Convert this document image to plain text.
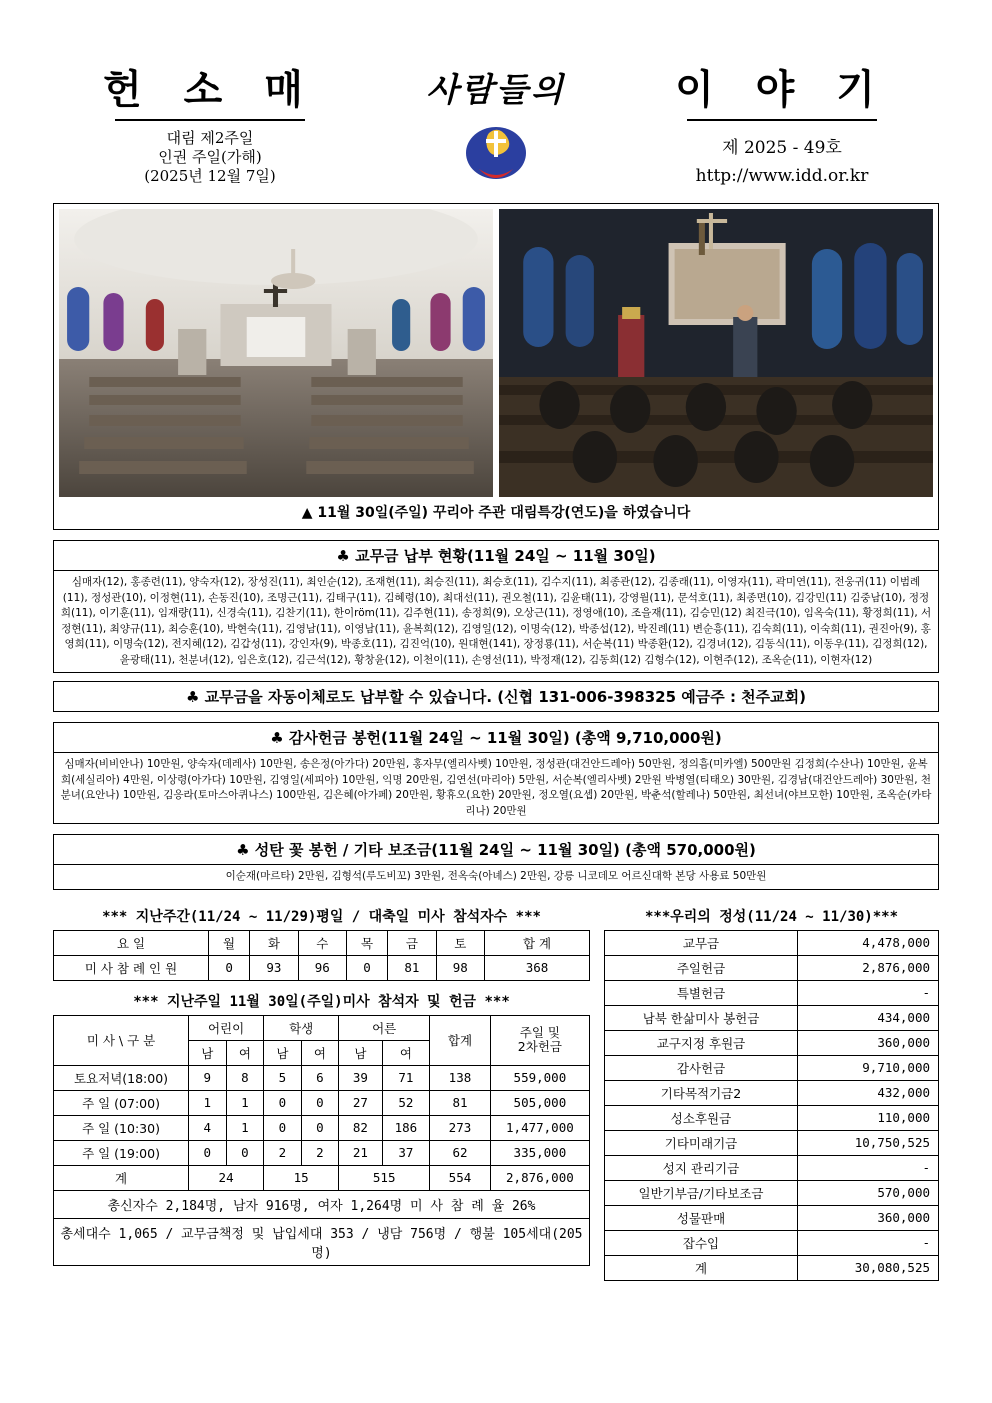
헌 소 매
대림 제2주일
인권 주일(가해)
(2025년 12월 7일)
사람들의	이 야 기
제 2025 - 49호
http://www.idd.or.kr
▲ 11월 30일(주일) 꾸리아 주관 대림특강(연도)을 하였습니다
♣ 교무금 납부 현황(11월 24일 ~ 11월 30일)
심매자(12), 홍종련(11), 양숙자(12), 장성진(11), 최인순(12), 조재현(11), 최승진(11), 최승호(11), 김수지(11), 최종관(12), 김종래(11), 이영자(11), 곽미연(11), 전웅귀(11) 이범례(11), 정성관(10), 이정현(11), 손동진(10), 조명근(11), 김태구(11), 김혜령(10), 최대선(11), 권오철(11), 김윤태(11), 강영월(11), 문석호(11), 최종면(10), 김강민(11) 김중남(10), 정정희(11), 이기훈(11), 임재량(11), 신경숙(11), 김찬기(11), 한이röm(11), 김주현(11), 송정희(9), 오상근(11), 정영애(10), 조을재(11), 김승민(12) 최진극(10), 임옥숙(11), 황정희(11), 서정현(11), 최양규(11), 최승훈(10), 박현숙(11), 김영남(11), 이영남(11), 윤복희(12), 김영일(12), 이명숙(12), 박종섭(12), 박진례(11) 변순흥(11), 김숙희(11), 이숙희(11), 권진아(9), 홍영희(11), 이명숙(12), 전지혜(12), 김갑성(11), 강인자(9), 박종호(11), 김진억(10), 원대현(141), 장정룡(11), 서순복(11) 박종환(12), 김경녀(12), 김동식(11), 이동우(11), 김정희(12), 윤광태(11), 천분녀(12), 임은호(12), 김근석(12), 황창윤(12), 이천이(11), 손영선(11), 박정재(12), 김동희(12) 김형수(12), 이현주(12), 조옥순(11), 이현자(12)
♣ 교무금을 자동이체로도 납부할 수 있습니다. (신협 131-006-398325 예금주 : 천주교회)
♣ 감사헌금 봉헌(11월 24일 ~ 11월 30일) (총액 9,710,000원)
심매자(비비안나) 10만원, 양숙자(데레사) 10만원, 송은정(아가다) 20만원, 홍자무(엘리사벳) 10만원, 정성관(대건안드레아) 50만원, 정의흠(미카엘) 500만원 김정희(수산나) 10만원, 윤복희(세실리아) 4만원, 이상령(아가다) 10만원, 김영일(세피아) 10만원, 익명 20만원, 김연선(마리아) 5만원, 서순복(엘리사벳) 2만원 박병열(티태오) 30만원, 김경남(대건안드레아) 30만원, 천분녀(요안나) 10만원, 김응라(토마스아퀴나스) 100만원, 김은혜(아가페) 20만원, 황휴오(요한) 20만원, 정오열(요셉) 20만원, 박춘석(할레나) 50만원, 최선녀(야브모한) 10만원, 조옥순(카타리나) 20만원
♣ 성탄 꽃 봉헌 / 기타 보조금(11월 24일 ~ 11월 30일) (총액 570,000원)
이순재(마르타) 2만원, 김형석(루도비꼬) 3만원, 전옥숙(아녜스) 2만원, 강릉 니코데모 어르신대학 본당 사용료 50만원
*** 지난주간(11/24 ~ 11/29)평일 / 대축일 미사 참석자수 ***
요 일	월	화	수	목	금	토	합 계
미 사 참 례 인 원	0	93	96	0	81	98	368
*** 지난주일 11월 30일(주일)미사 참석자 및 헌금 ***
미 사 \ 구 분	어린이		학생		어른		합계	주일 및
2차헌금
	남	여	남	여	남	여		
토요저녁(18:00)	9	8	5	6	39	71	138	559,000
주 일 (07:00)	1	1	0	0	27	52	81	505,000
주 일 (10:30)	4	1	0	0	82	186	273	1,477,000
주 일 (19:00)	0	0	2	2	21	37	62	335,000
계	24		15		515		554	2,876,000
총신자수 2,184명, 남자 916명, 여자 1,264명 미 사 참 례 율 26%
총세대수 1,065 / 교무금책정 및 납입세대 353 / 냉담 756명 / 행불 105세대(205명)
***우리의 정성(11/24 ~ 11/30)***
교무금	4,478,000
주일헌금	2,876,000
특별헌금	-
남북 한삶미사 봉헌금	434,000
교구지정 후원금	360,000
감사헌금	9,710,000
기타목적기금2	432,000
성소후원금	110,000
기타미래기금	10,750,525
성지 관리기금	-
일반기부금/기타보조금	570,000
성물판매	360,000
잡수입	-
계	30,080,525
